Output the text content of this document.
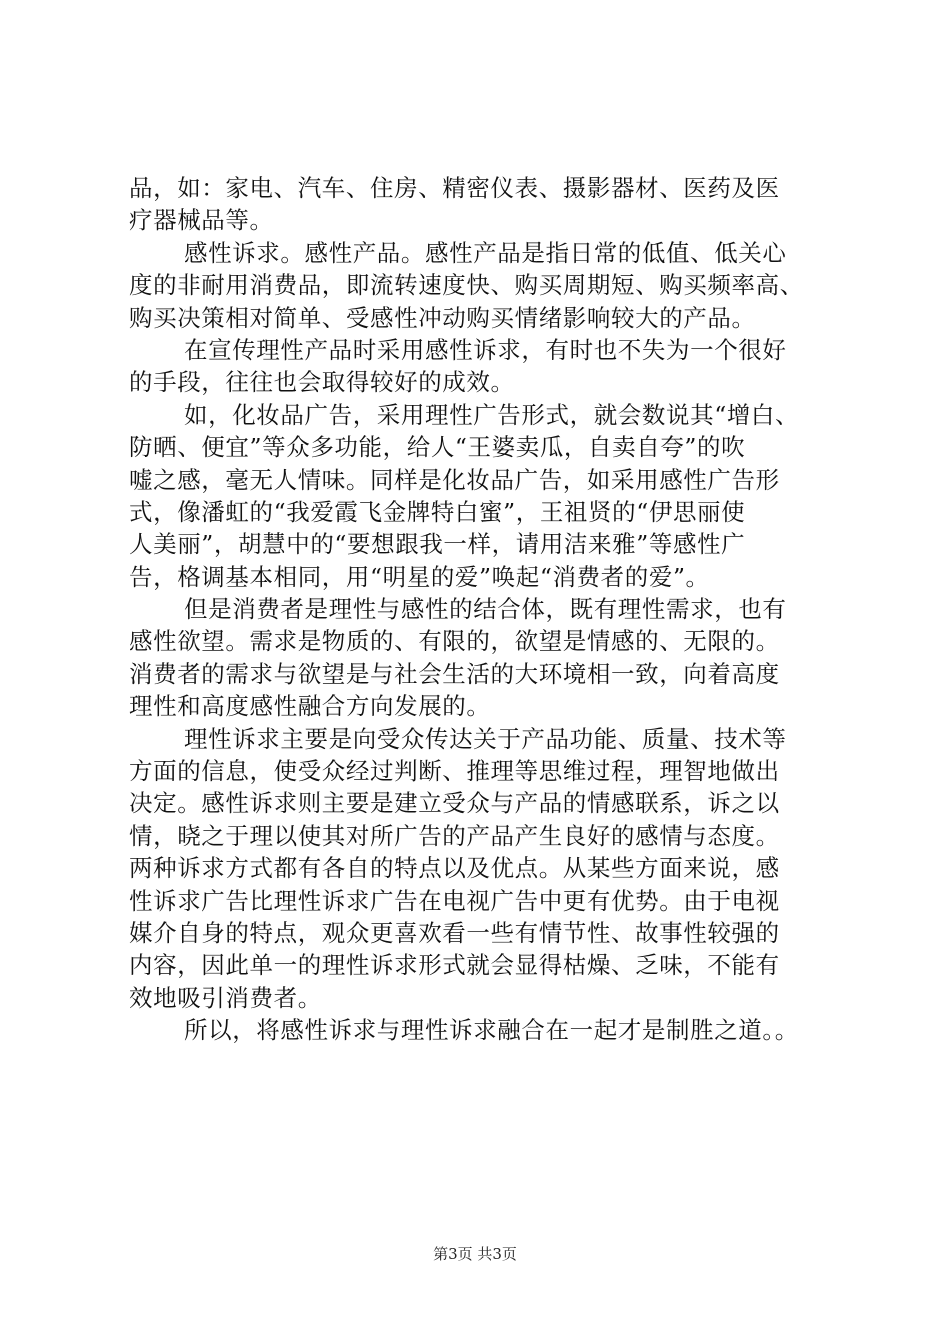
品，如：家电、汽车、住房、精密仪表、摄影器材、医药及医
疗器械品等。
感性诉求。感性产品。感性产品是指日常的低值、低关心
度的非耐用消费品，即流转速度快、购买周期短、购买频率高、
购买决策相对简单、受感性冲动购买情绪影响较大的产品。
在宣传理性产品时采用感性诉求，有时也不失为一个很好
的手段，往往也会取得较好的成效。
如，化妆品广告，采用理性广告形式，就会数说其“增白、
防晒、便宜”等众多功能，给人“王婆卖瓜，自卖自夸”的吹
嘘之感，毫无人情味。同样是化妆品广告，如采用感性广告形
式，像潘虹的“我爱霞飞金牌特白蜜”，王祖贤的“伊思丽使
人美丽”，胡慧中的“要想跟我一样，请用洁来雅”等感性广
告，格调基本相同，用“明星的爱”唤起“消费者的爱”。
但是消费者是理性与感性的结合体，既有理性需求，也有
感性欲望。需求是物质的、有限的，欲望是情感的、无限的。
消费者的需求与欲望是与社会生活的大环境相一致，向着高度
理性和高度感性融合方向发展的。
理性诉求主要是向受众传达关于产品功能、质量、技术等
方面的信息，使受众经过判断、推理等思维过程，理智地做出
决定。感性诉求则主要是建立受众与产品的情感联系，诉之以
情，晓之于理以使其对所广告的产品产生良好的感情与态度。
两种诉求方式都有各自的特点以及优点。从某些方面来说，感
性诉求广告比理性诉求广告在电视广告中更有优势。由于电视
媒介自身的特点，观众更喜欢看一些有情节性、故事性较强的
内容，因此单一的理性诉求形式就会显得枯燥、乏味，不能有
效地吸引消费者。
所以，将感性诉求与理性诉求融合在一起才是制胜之道。。
第3页 共3页
